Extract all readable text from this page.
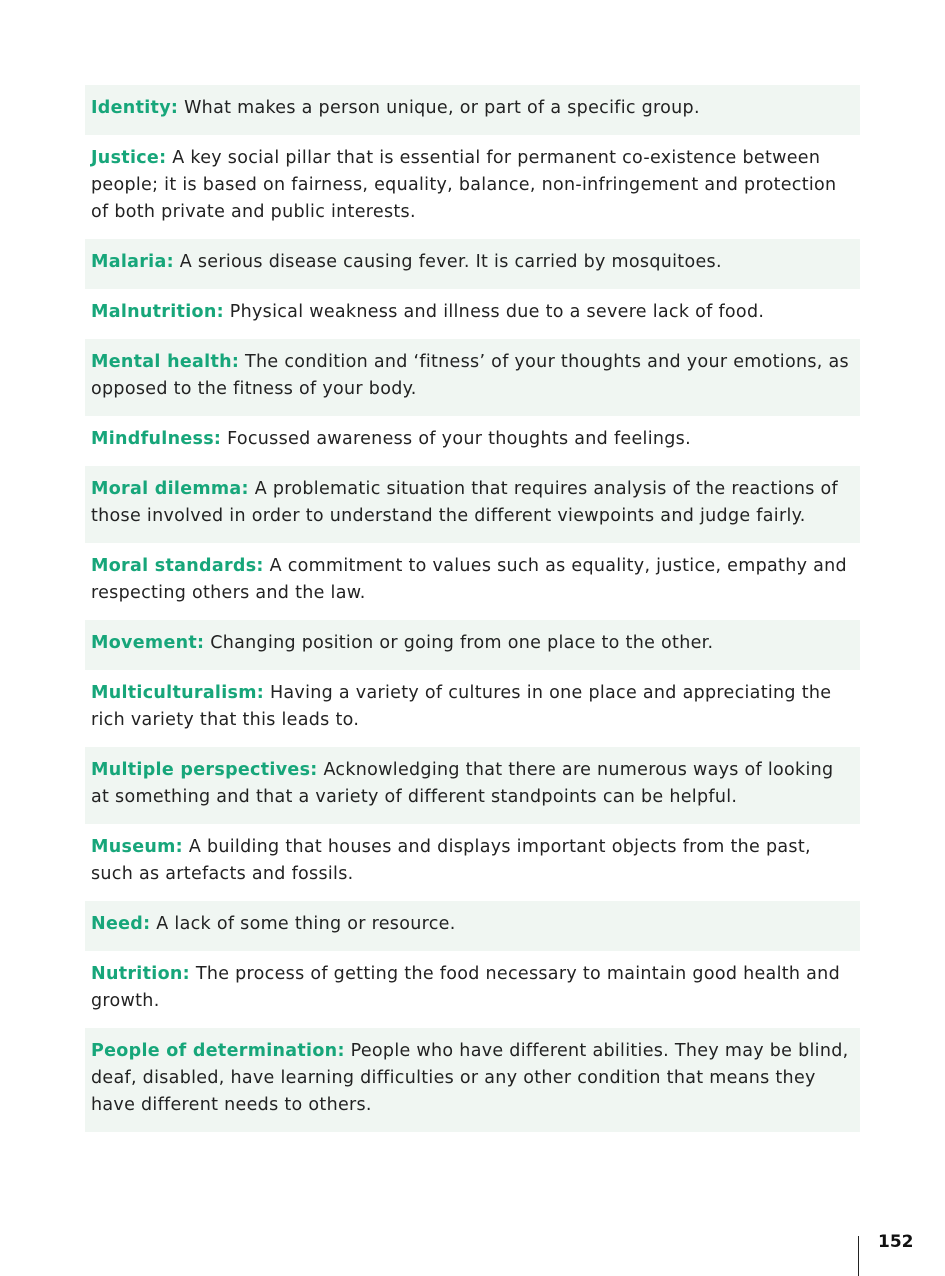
Identity: What makes a person unique, or part of a specific group.
Justice: A key social pillar that is essential for permanent co-existence between people; it is based on fairness, equality, balance, non-infringement and protection of both private and public interests.
Malaria: A serious disease causing fever. It is carried by mosquitoes.
Malnutrition: Physical weakness and illness due to a severe lack of food.
Mental health: The condition and ‘fitness’ of your thoughts and your emotions, as opposed to the fitness of your body.
Mindfulness: Focussed awareness of your thoughts and feelings.
Moral dilemma: A problematic situation that requires analysis of the reactions of those involved in order to understand the different viewpoints and judge fairly.
Moral standards: A commitment to values such as equality, justice, empathy and respecting others and the law.
Movement: Changing position or going from one place to the other.
Multiculturalism: Having a variety of cultures in one place and appreciating the rich variety that this leads to.
Multiple perspectives: Acknowledging that there are numerous ways of looking at something and that a variety of different standpoints can be helpful.
Museum: A building that houses and displays important objects from the past, such as artefacts and fossils.
Need: A lack of some thing or resource.
Nutrition: The process of getting the food necessary to maintain good health and growth.
People of determination: People who have different abilities. They may be blind, deaf, disabled, have learning difficulties or any other condition that means they have different needs to others.
152
